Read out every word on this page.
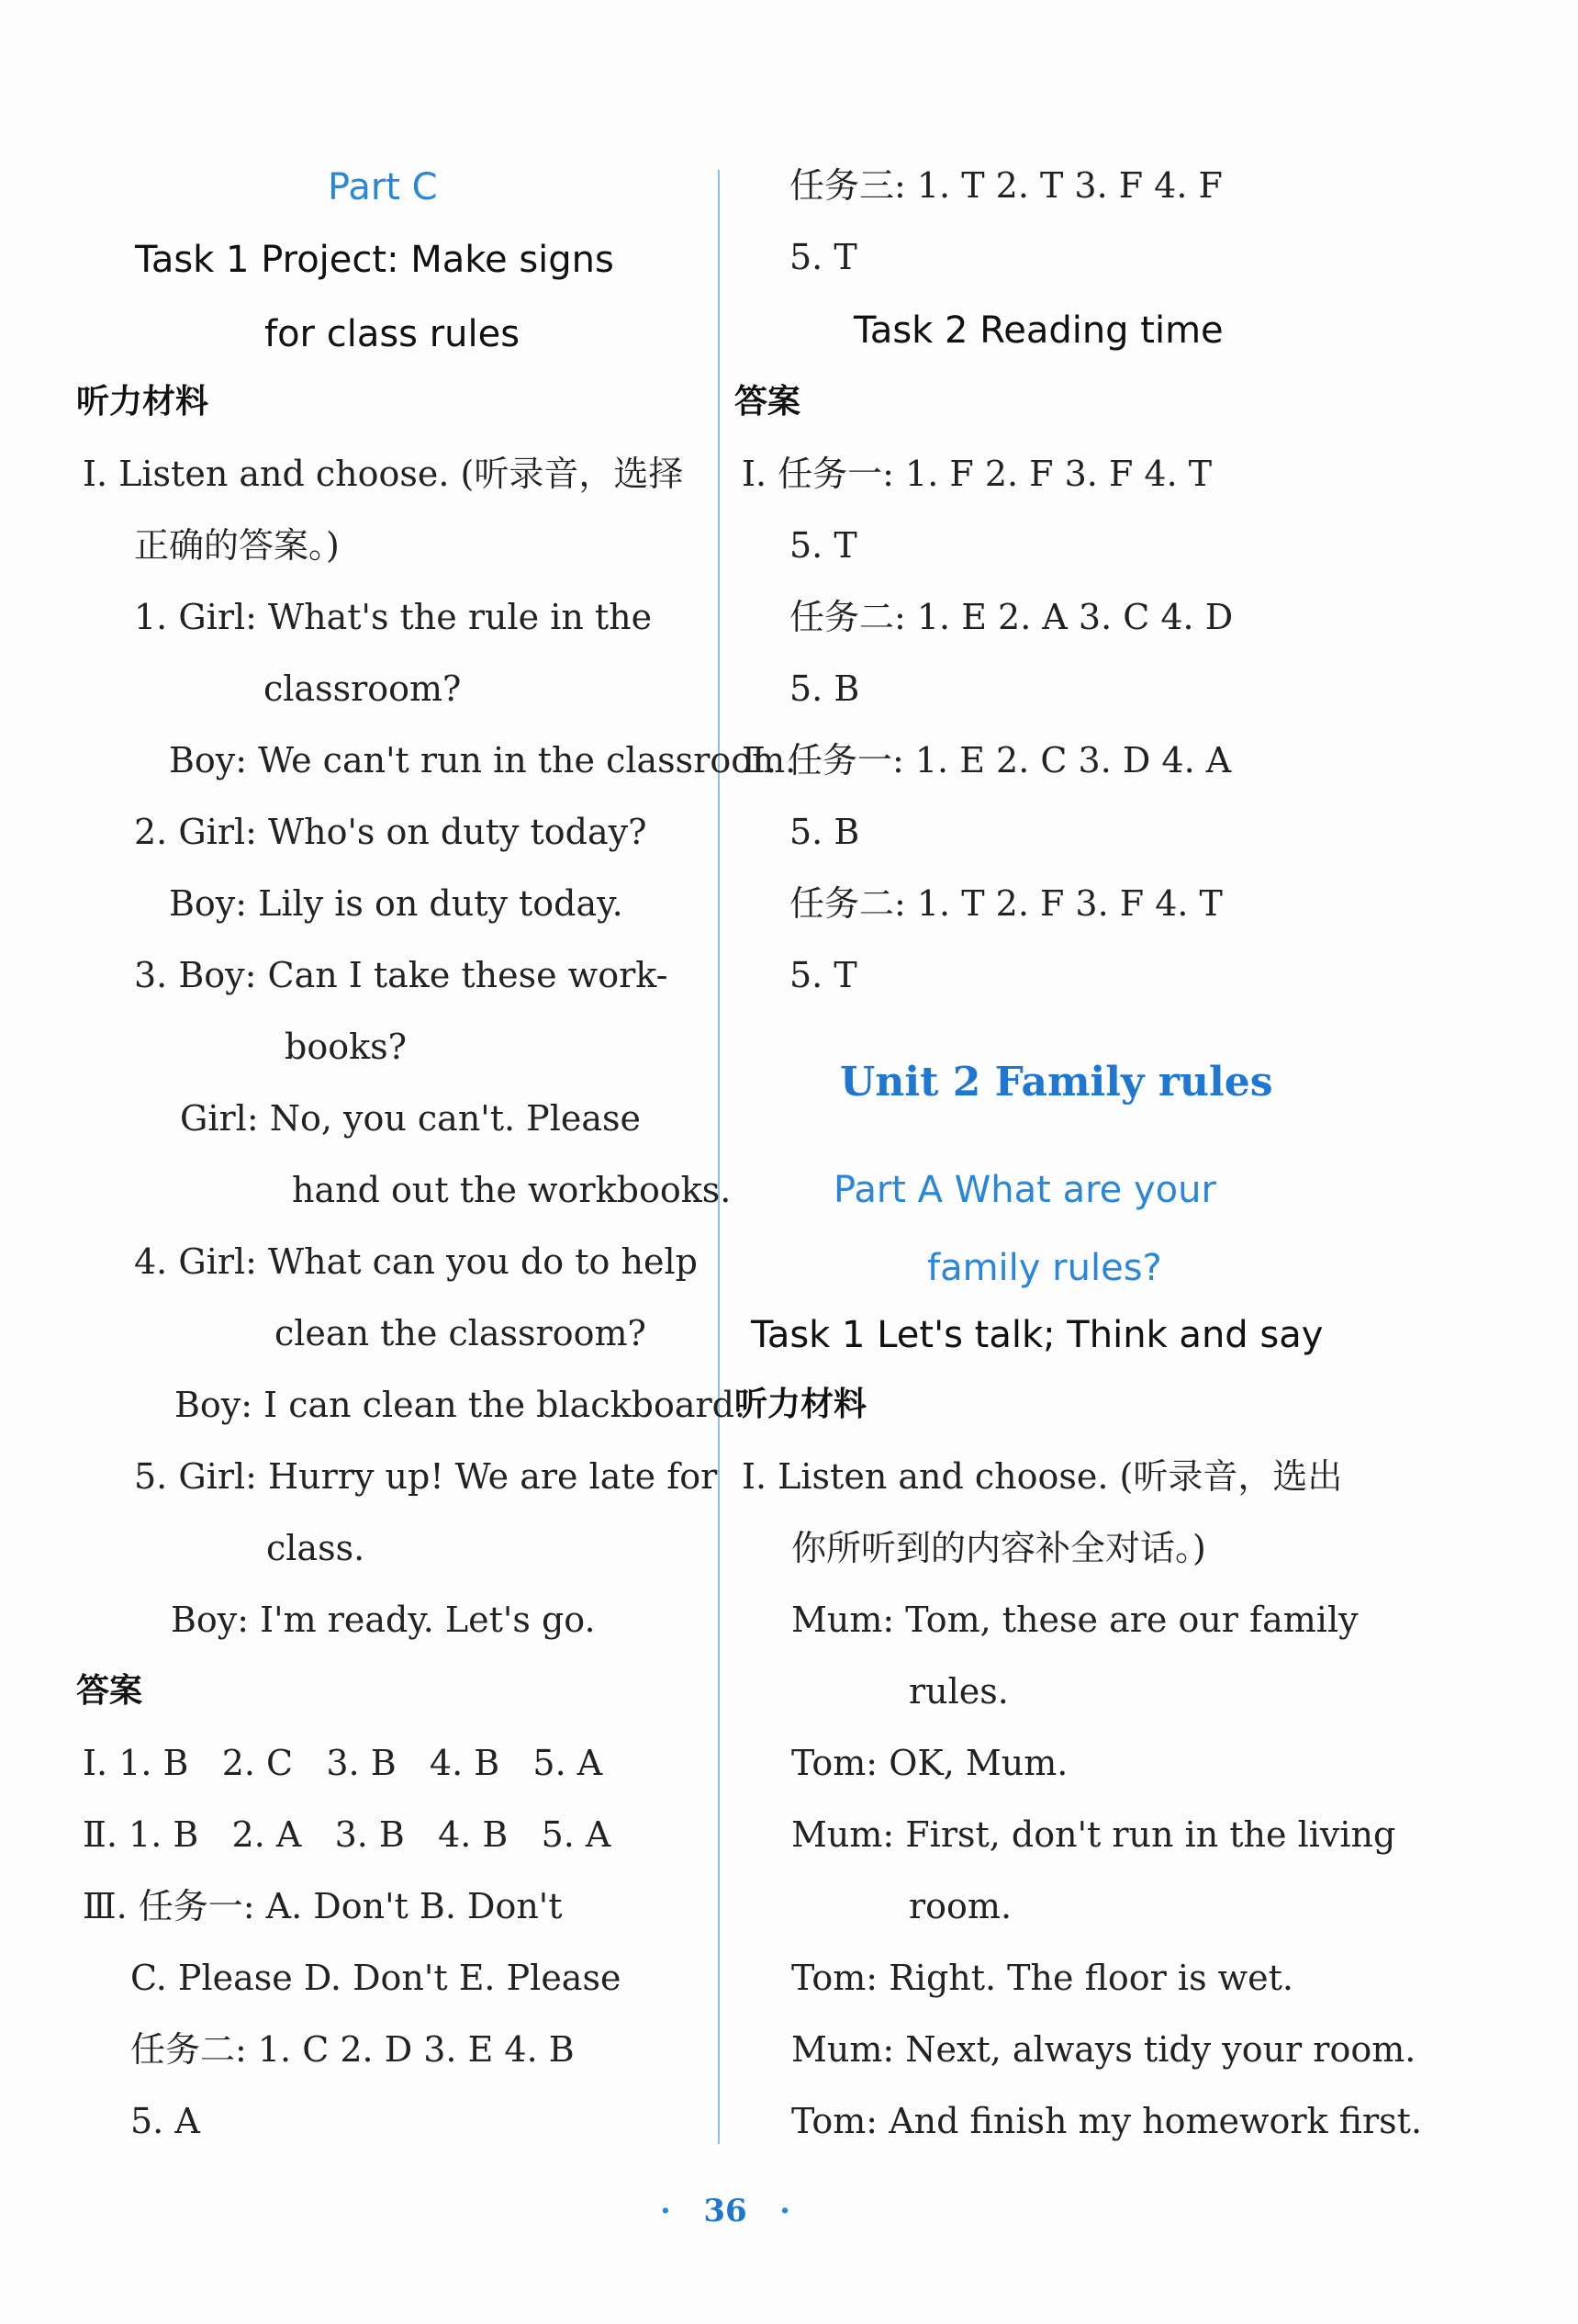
Part C
Task 1 Project: Make signs
for class rules
听力材料
Ⅰ. Listen and choose. (听录音，选择
正确的答案。)
1. Girl: What's the rule in the
classroom?
Boy: We can't run in the classroom.
2. Girl: Who's on duty today?
Boy: Lily is on duty today.
3. Boy: Can I take these work-
books?
Girl: No, you can't. Please
hand out the workbooks.
4. Girl: What can you do to help
clean the classroom?
Boy: I can clean the blackboard.
5. Girl: Hurry up! We are late for
class.
Boy: I'm ready. Let's go.
答案
Ⅰ. 1. B 2. C 3. B 4. B 5. A
Ⅱ. 1. B 2. A 3. B 4. B 5. A
Ⅲ. 任务一: A. Don't B. Don't
C. Please D. Don't E. Please
任务二: 1. C 2. D 3. E 4. B
5. A
任务三: 1. T 2. T 3. F 4. F
5. T
Task 2 Reading time
答案
Ⅰ. 任务一: 1. F 2. F 3. F 4. T
5. T
任务二: 1. E 2. A 3. C 4. D
5. B
Ⅱ. 任务一: 1. E 2. C 3. D 4. A
5. B
任务二: 1. T 2. F 3. F 4. T
5. T
Unit 2 Family rules
Part A What are your
family rules?
Task 1 Let's talk; Think and say
听力材料
Ⅰ. Listen and choose. (听录音，选出
你所听到的内容补全对话。)
Mum: Tom, these are our family
rules.
Tom: OK, Mum.
Mum: First, don't run in the living
room.
Tom: Right. The floor is wet.
Mum: Next, always tidy your room.
Tom: And finish my homework first.
· 36 ·
